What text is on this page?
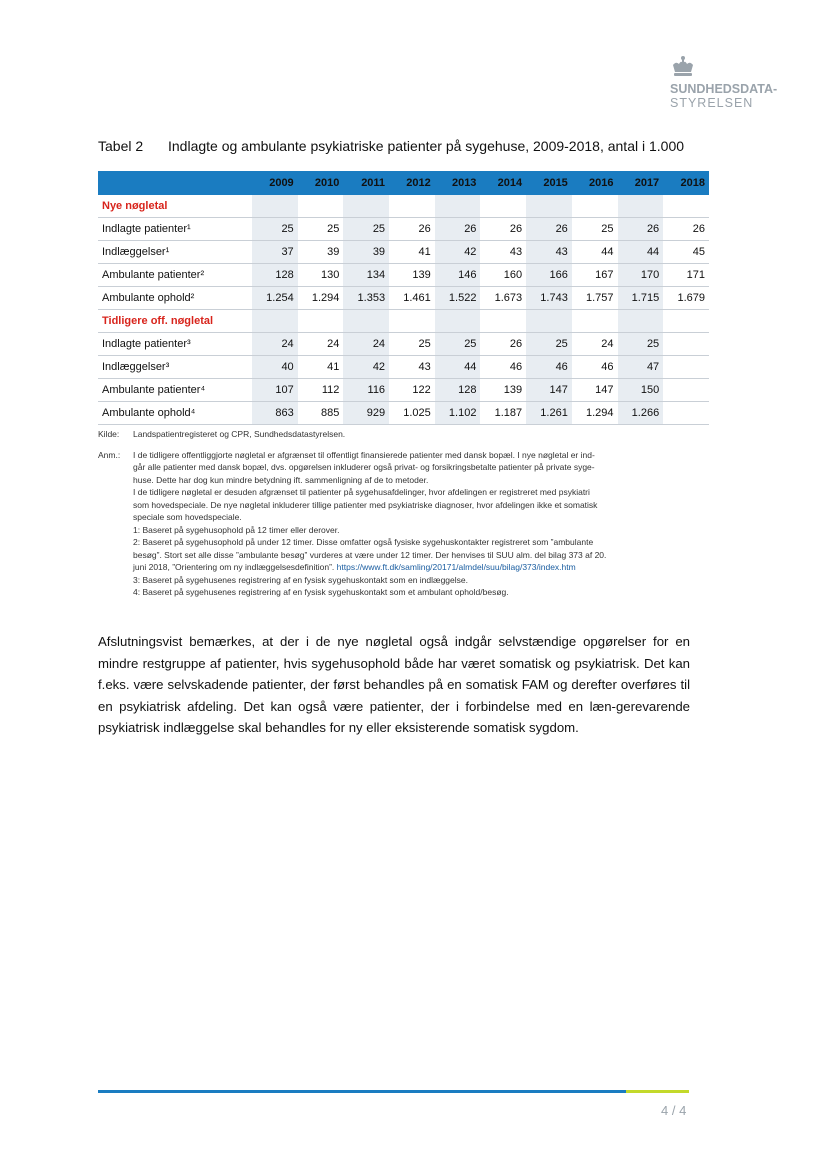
SUNDHEDSDATA-
STYRELSEN
Tabel 2 Indlagte og ambulante psykiatriske patienter på sygehuse, 2009-2018, antal i 1.000
	2009	2010	2011	2012	2013	2014	2015	2016	2017	2018
Nye nøgletal										
Indlagte patienter¹	25	25	25	26	26	26	26	25	26	26
Indlæggelser¹	37	39	39	41	42	43	43	44	44	45
Ambulante patienter²	128	130	134	139	146	160	166	167	170	171
Ambulante ophold²	1.254	1.294	1.353	1.461	1.522	1.673	1.743	1.757	1.715	1.679
Tidligere off. nøgletal										
Indlagte patienter³	24	24	24	25	25	26	25	24	25	
Indlæggelser³	40	41	42	43	44	46	46	46	47	
Ambulante patienter⁴	107	112	116	122	128	139	147	147	150	
Ambulante ophold⁴	863	885	929	1.025	1.102	1.187	1.261	1.294	1.266	
Kilde:	Landspatientregisteret og CPR, Sundhedsdatastyrelsen.
Anm.:	I de tidligere offentliggjorte nøgletal er afgrænset til offentligt finansierede patienter med dansk bopæl. I nye nøgletal er ind-

går alle patienter med dansk bopæl, dvs. opgørelsen inkluderer også privat- og forsikringsbetalte patienter på private syge-

huse. Dette har dog kun mindre betydning ift. sammenligning af de to metoder.

I de tidligere nøgletal er desuden afgrænset til patienter på sygehusafdelinger, hvor afdelingen er registreret med psykiatri

som hovedspeciale. De nye nøgletal inkluderer tillige patienter med psykiatriske diagnoser, hvor afdelingen ikke et somatisk

speciale som hovedspeciale.

1: Baseret på sygehusophold på 12 timer eller derover.

2: Baseret på sygehusophold på under 12 timer. Disse omfatter også fysiske sygehuskontakter registreret som ”ambulante

besøg”. Stort set alle disse ”ambulante besøg” vurderes at være under 12 timer. Der henvises til SUU alm. del bilag 373 af 20.

juni 2018, ”Orientering om ny indlæggelsesdefinition”. https://www.ft.dk/samling/20171/almdel/suu/bilag/373/index.htm

3: Baseret på sygehusenes registrering af en fysisk sygehuskontakt som en indlæggelse.

4: Baseret på sygehusenes registrering af en fysisk sygehuskontakt som et ambulant ophold/besøg.

Afslutningsvist bemærkes, at der i de nye nøgletal også indgår selvstændige opgørelser for en mindre restgruppe af patienter, hvis sygehusophold både har været somatisk og psykiatrisk. Det kan f.eks. være selvskadende patienter, der først behandles på en somatisk FAM og derefter overføres til en psykiatrisk afdeling. Det kan også være patienter, der i forbindelse med en læn-gerevarende psykiatrisk indlæggelse skal behandles for ny eller eksisterende somatisk sygdom.
4 / 4
